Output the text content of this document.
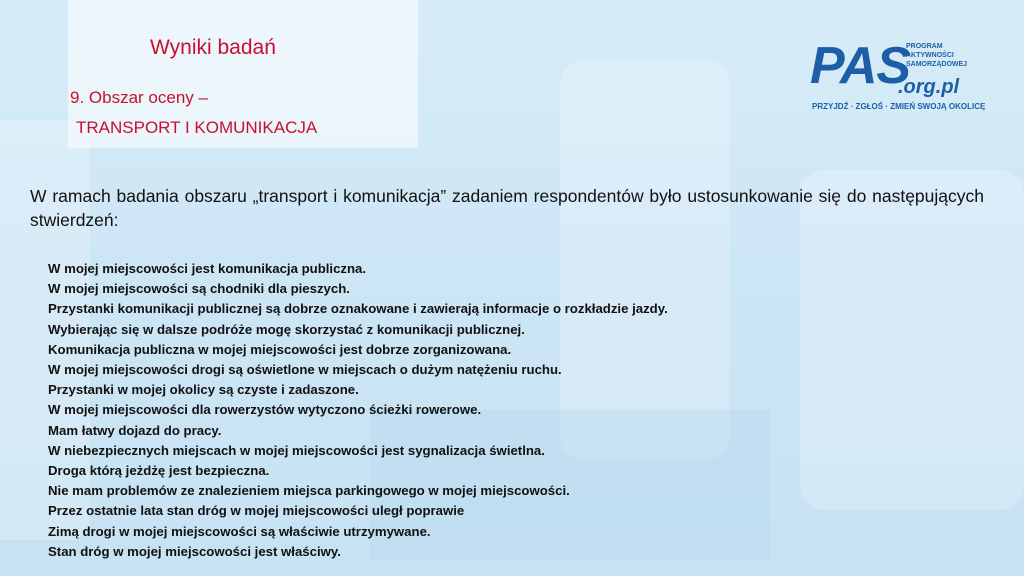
Wyniki badań
9. Obszar oceny –
TRANSPORT I KOMUNIKACJA
PAS
PROGRAM
AKTYWNOŚCI
SAMORZĄDOWEJ
.org.pl
PRZYJDŹ · ZGŁOŚ · ZMIEŃ SWOJĄ OKOLICĘ
W ramach badania obszaru „transport i komunikacja” zadaniem respondentów było ustosunkowanie się do następujących stwierdzeń:
W mojej miejscowości jest komunikacja publiczna.
W mojej miejscowości są chodniki dla pieszych.
Przystanki komunikacji publicznej są dobrze oznakowane i zawierają informacje o rozkładzie jazdy.
Wybierając się w dalsze podróże mogę skorzystać z komunikacji publicznej.
Komunikacja publiczna w mojej miejscowości jest dobrze zorganizowana.
W mojej miejscowości drogi są oświetlone w miejscach o dużym natężeniu ruchu.
Przystanki w mojej okolicy są czyste i zadaszone.
W mojej miejscowości dla rowerzystów wytyczono ścieżki rowerowe.
Mam łatwy dojazd do pracy.
W niebezpiecznych miejscach w mojej miejscowości jest sygnalizacja świetlna.
Droga którą jeżdżę jest bezpieczna.
Nie mam problemów ze znalezieniem miejsca parkingowego w mojej miejscowości.
Przez ostatnie lata stan dróg w mojej miejscowości uległ poprawie
Zimą drogi w mojej miejscowości są właściwie utrzymywane.
Stan dróg w mojej miejscowości jest właściwy.
